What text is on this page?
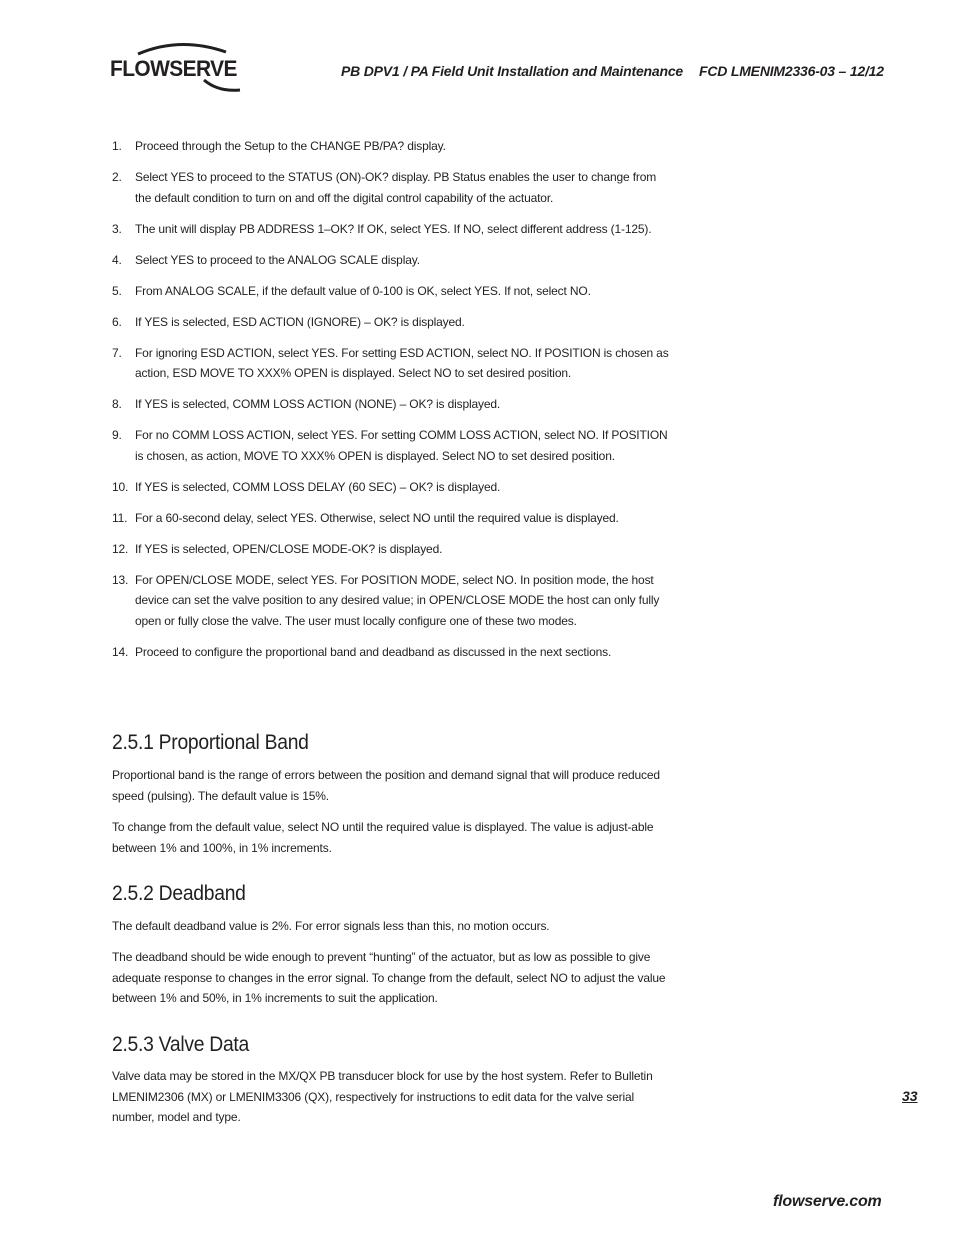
FLOWSERVE	PB DPV1 / PA Field Unit Installation and Maintenance FCD LMENIM2336-03 – 12/12
1. Proceed through the Setup to the CHANGE PB/PA? display.
2. Select YES to proceed to the STATUS (ON)-OK? display. PB Status enables the user to change from the default condition to turn on and off the digital control capability of the actuator.
3. The unit will display PB ADDRESS 1–OK? If OK, select YES. If NO, select different address (1-125).
4. Select YES to proceed to the ANALOG SCALE display.
5. From ANALOG SCALE, if the default value of 0-100 is OK, select YES. If not, select NO.
6. If YES is selected, ESD ACTION (IGNORE) – OK? is displayed.
7. For ignoring ESD ACTION, select YES. For setting ESD ACTION, select NO. If POSITION is chosen as action, ESD MOVE TO XXX% OPEN is displayed. Select NO to set desired position.
8. If YES is selected, COMM LOSS ACTION (NONE) – OK? is displayed.
9. For no COMM LOSS ACTION, select YES. For setting COMM LOSS ACTION, select NO. If POSITION is chosen, as action, MOVE TO XXX% OPEN is displayed. Select NO to set desired position.
10. If YES is selected, COMM LOSS DELAY (60 SEC) – OK? is displayed.
11. For a 60-second delay, select YES. Otherwise, select NO until the required value is displayed.
12. If YES is selected, OPEN/CLOSE MODE-OK? is displayed.
13. For OPEN/CLOSE MODE, select YES. For POSITION MODE, select NO. In position mode, the host device can set the valve position to any desired value; in OPEN/CLOSE MODE the host can only fully open or fully close the valve. The user must locally configure one of these two modes.
14. Proceed to configure the proportional band and deadband as discussed in the next sections.
2.5.1 Proportional Band

Proportional band is the range of errors between the position and demand signal that will produce reduced speed (pulsing). The default value is 15%.

To change from the default value, select NO until the required value is displayed. The value is adjust-able between 1% and 100%, in 1% increments.

2.5.2 Deadband

The default deadband value is 2%. For error signals less than this, no motion occurs.

The deadband should be wide enough to prevent “hunting” of the actuator, but as low as possible to give adequate response to changes in the error signal. To change from the default, select NO to adjust the value between 1% and 50%, in 1% increments to suit the application.

2.5.3 Valve Data

Valve data may be stored in the MX/QX PB transducer block for use by the host system. Refer to Bulletin LMENIM2306 (MX) or LMENIM3306 (QX), respectively for instructions to edit data for the valve serial number, model and type.

33
flowserve.com
